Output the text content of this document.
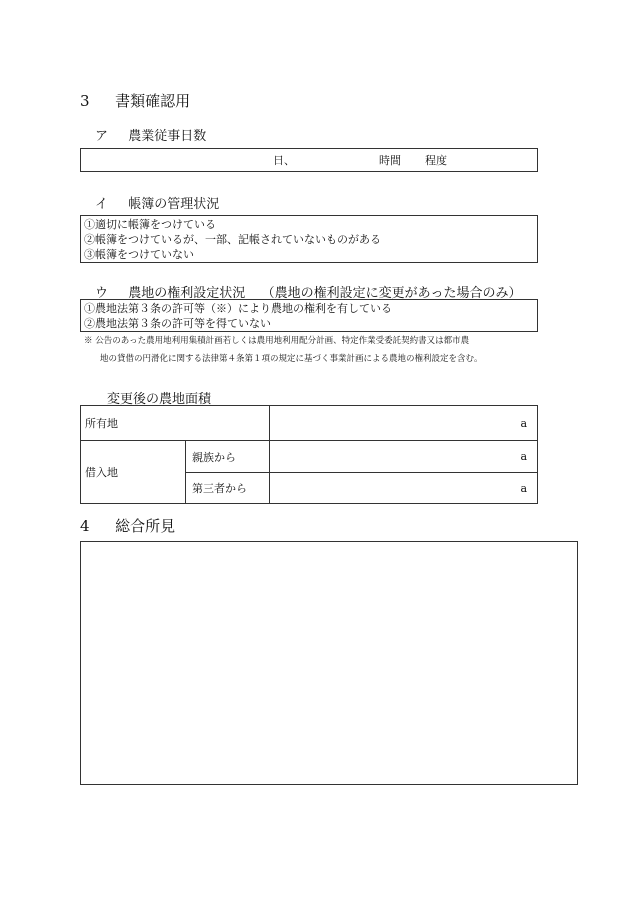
3 書類確認用
ア 農業従事日数
日、	時間 程度
イ 帳簿の管理状況
①適切に帳簿をつけている
②帳簿をつけているが、一部、記帳されていないものがある
③帳簿をつけていない
ウ 農地の権利設定状況 （農地の権利設定に変更があった場合のみ）
①農地法第３条の許可等（※）により農地の権利を有している
②農地法第３条の許可等を得ていない
※ 公告のあった農用地利用集積計画若しくは農用地利用配分計画、特定作業受委託契約書又は都市農
地の貸借の円滑化に関する法律第４条第１項の規定に基づく事業計画による農地の権利設定を含む。
変更後の農地面積
所有地	a
借入地
親族から	a
第三者から	a
4 総合所見
